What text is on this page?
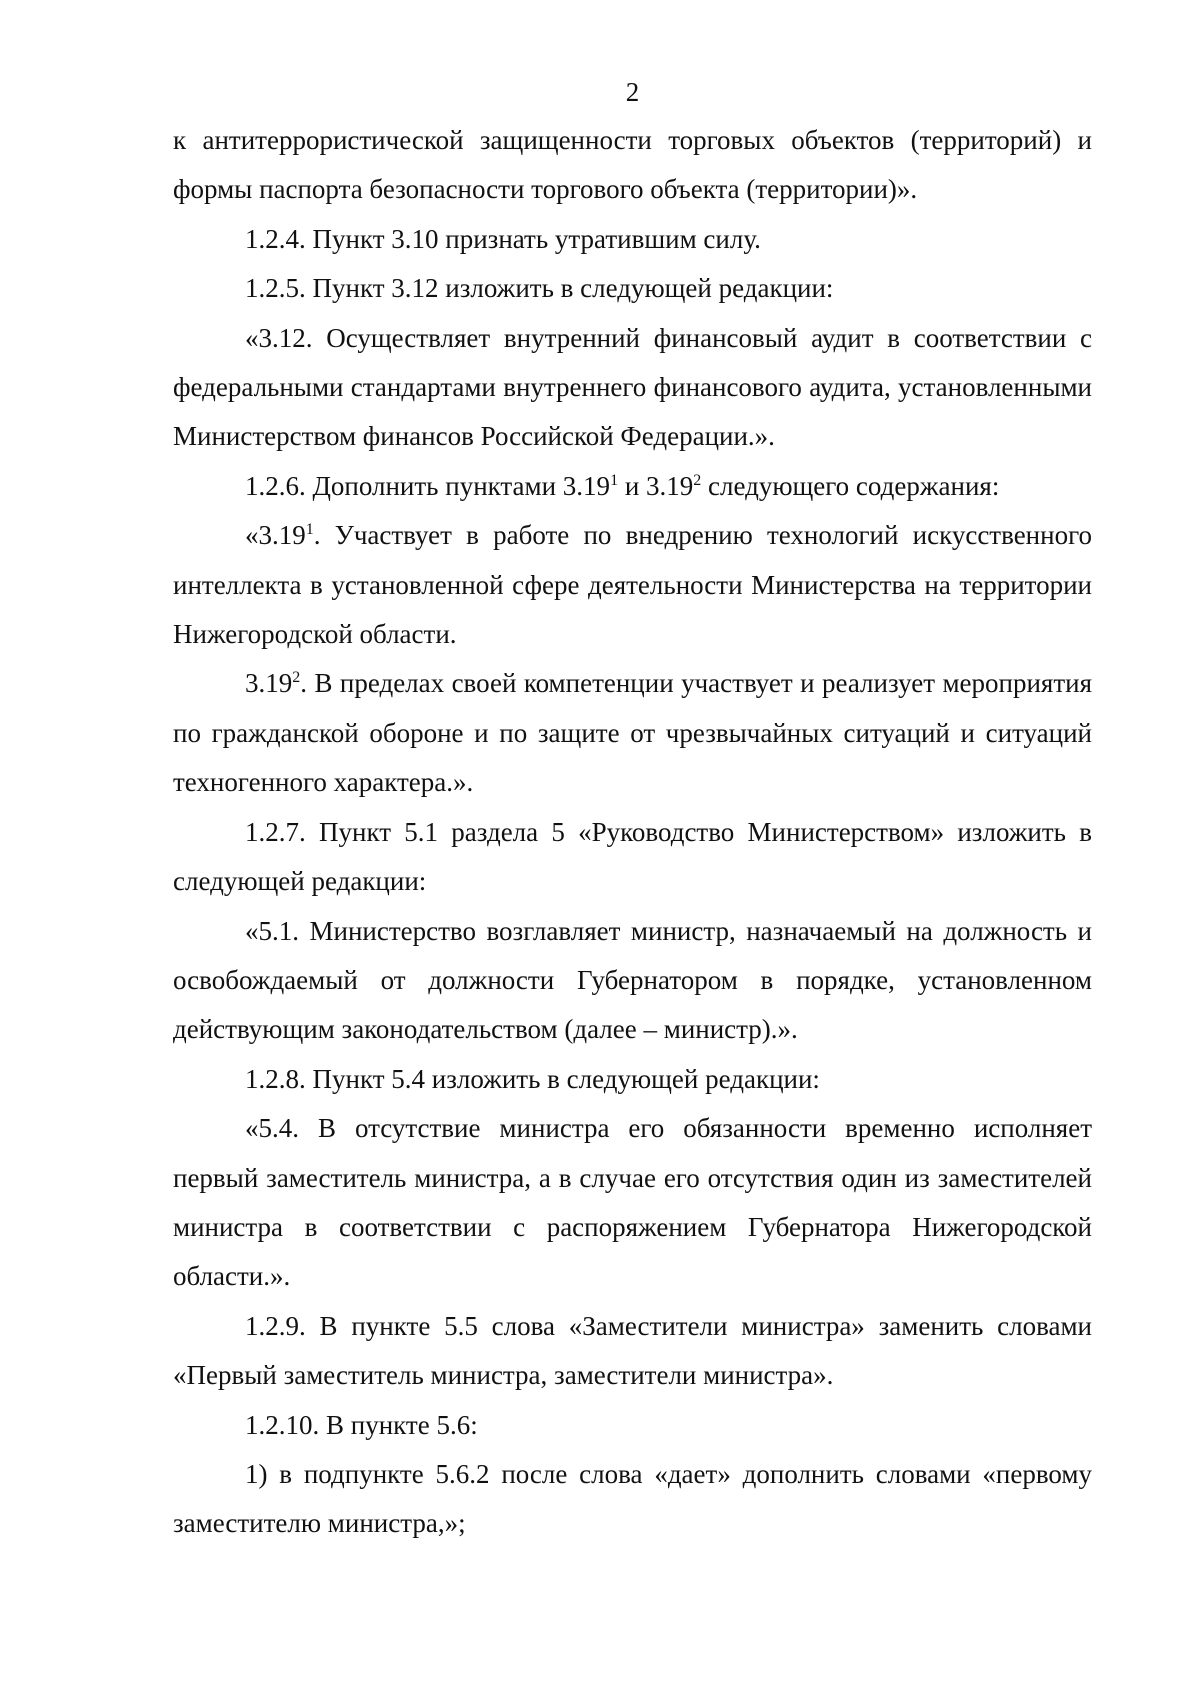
2

к антитеррористической защищенности торговых объектов (территорий) и формы паспорта безопасности торгового объекта (территории)».

1.2.4. Пункт 3.10 признать утратившим силу.

1.2.5. Пункт 3.12 изложить в следующей редакции:

«3.12. Осуществляет внутренний финансовый аудит в соответствии с федеральными стандартами внутреннего финансового аудита, установленными Министерством финансов Российской Федерации.».

1.2.6. Дополнить пунктами 3.19$^1$ и 3.19$^2$ следующего содержания:

«3.19$^1$. Участвует в работе по внедрению технологий искусственного интеллекта в установленной сфере деятельности Министерства на территории Нижегородской области.

3.19$^2$. В пределах своей компетенции участвует и реализует мероприятия по гражданской обороне и по защите от чрезвычайных ситуаций и ситуаций техногенного характера.».

1.2.7. Пункт 5.1 раздела 5 «Руководство Министерством» изложить в следующей редакции:

«5.1. Министерство возглавляет министр, назначаемый на должность и освобождаемый от должности Губернатором в порядке, установленном действующим законодательством (далее – министр).».

1.2.8. Пункт 5.4 изложить в следующей редакции:

«5.4. В отсутствие министра его обязанности временно исполняет первый заместитель министра, а в случае его отсутствия один из заместителей министра в соответствии с распоряжением Губернатора Нижегородской области.».

1.2.9. В пункте 5.5 слова «Заместители министра» заменить словами «Первый заместитель министра, заместители министра».

1.2.10. В пункте 5.6:

1) в подпункте 5.6.2 после слова «дает» дополнить словами «первому заместителю министра,»;
